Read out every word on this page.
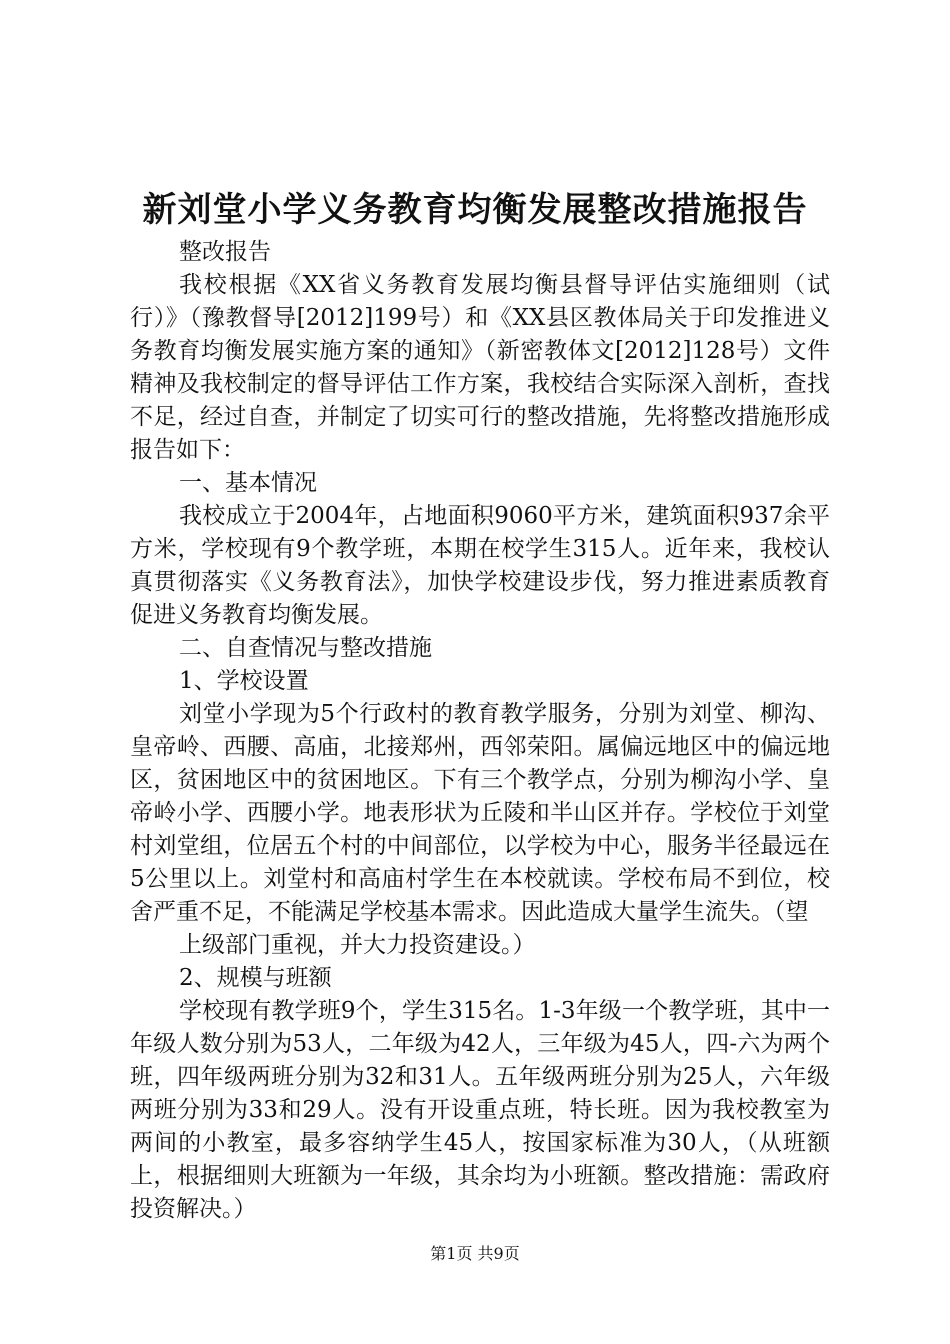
新刘堂小学义务教育均衡发展整改措施报告

整改报告

我校根据《XX省义务教育发展均衡县督导评估实施细则（试行）》（豫教督导[2012]199号）和《XX县区教体局关于印发推进义务教育均衡发展实施方案的通知》（新密教体文[2012]128号）文件精神及我校制定的督导评估工作方案，我校结合实际深入剖析，查找不足，经过自查，并制定了切实可行的整改措施，先将整改措施形成报告如下：

一、基本情况

我校成立于2004年，占地面积9060平方米，建筑面积937余平方米，学校现有9个教学班，本期在校学生315人。近年来，我校认真贯彻落实《义务教育法》，加快学校建设步伐，努力推进素质教育促进义务教育均衡发展。

二、自查情况与整改措施

1、学校设置

刘堂小学现为5个行政村的教育教学服务，分别为刘堂、柳沟、皇帝岭、西腰、高庙，北接郑州，西邻荣阳。属偏远地区中的偏远地区，贫困地区中的贫困地区。下有三个教学点，分别为柳沟小学、皇帝岭小学、西腰小学。地表形状为丘陵和半山区并存。学校位于刘堂村刘堂组，位居五个村的中间部位，以学校为中心，服务半径最远在5公里以上。刘堂村和高庙村学生在本校就读。学校布局不到位，校舍严重不足，不能满足学校基本需求。因此造成大量学生流失。（望

上级部门重视，并大力投资建设。）

2、规模与班额

学校现有教学班9个，学生315名。1-3年级一个教学班，其中一年级人数分别为53人，二年级为42人，三年级为45人，四-六为两个班，四年级两班分别为32和31人。五年级两班分别为25人，六年级两班分别为33和29人。没有开设重点班，特长班。因为我校教室为两间的小教室，最多容纳学生45人，按国家标准为30人，（从班额上，根据细则大班额为一年级，其余均为小班额。整改措施：需政府投资解决。）

第1页 共9页
